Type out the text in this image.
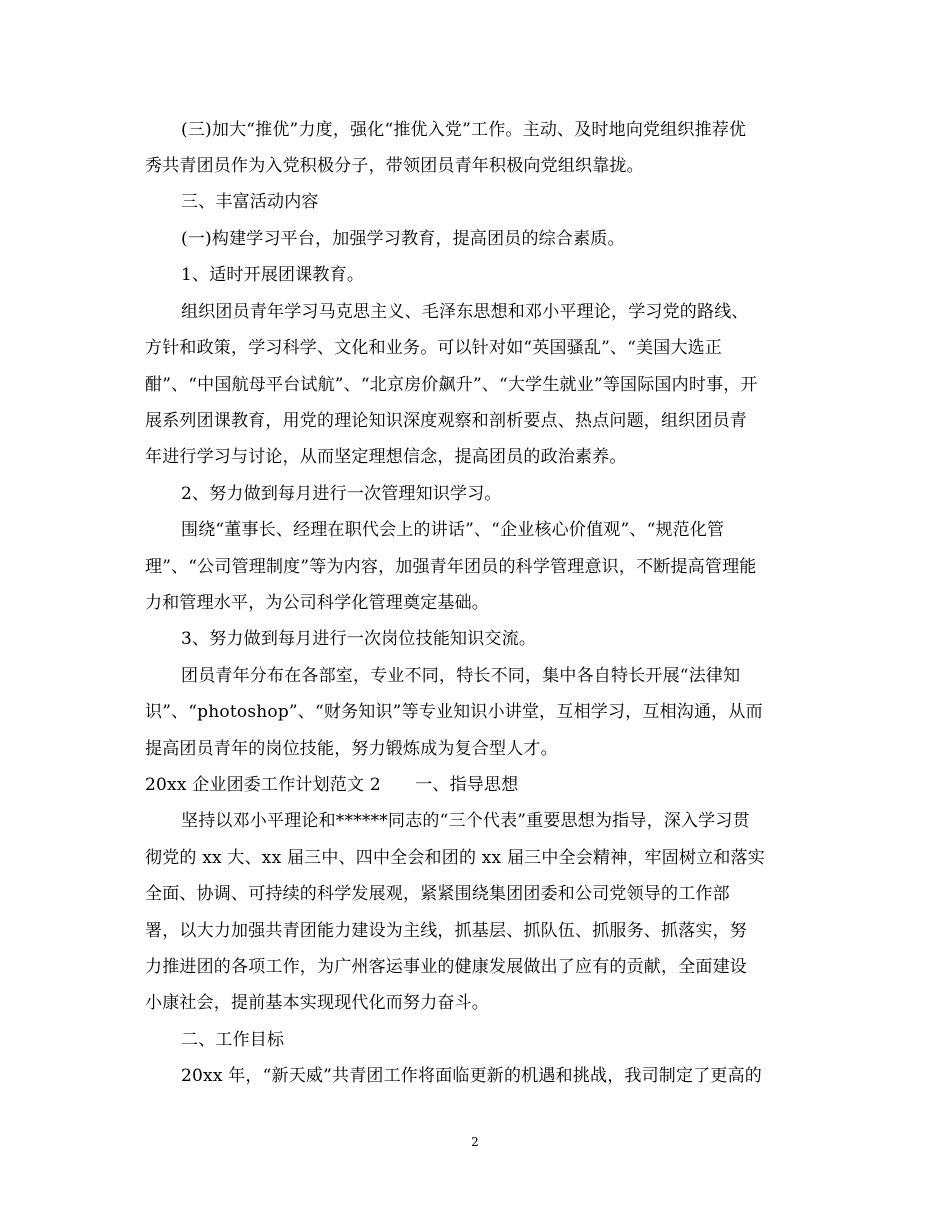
(三)加大“推优”力度，强化“推优入党”工作。主动、及时地向党组织推荐优
秀共青团员作为入党积极分子，带领团员青年积极向党组织靠拢。
三、丰富活动内容
(一)构建学习平台，加强学习教育，提高团员的综合素质。
1、适时开展团课教育。
组织团员青年学习马克思主义、毛泽东思想和邓小平理论，学习党的路线、
方针和政策，学习科学、文化和业务。可以针对如“英国骚乱”、“美国大选正
酣”、“中国航母平台试航”、“北京房价飙升”、“大学生就业”等国际国内时事，开
展系列团课教育，用党的理论知识深度观察和剖析要点、热点问题，组织团员青
年进行学习与讨论，从而坚定理想信念，提高团员的政治素养。
2、努力做到每月进行一次管理知识学习。
围绕“董事长、经理在职代会上的讲话”、“企业核心价值观”、“规范化管
理”、“公司管理制度”等为内容，加强青年团员的科学管理意识，不断提高管理能
力和管理水平，为公司科学化管理奠定基础。
3、努力做到每月进行一次岗位技能知识交流。
团员青年分布在各部室，专业不同，特长不同，集中各自特长开展“法律知
识”、“photoshop”、“财务知识”等专业知识小讲堂，互相学习，互相沟通，从而
提高团员青年的岗位技能，努力锻炼成为复合型人才。
20xx 企业团委工作计划范文 2　　一、指导思想
坚持以邓小平理论和******同志的“三个代表”重要思想为指导，深入学习贯
彻党的 xx 大、xx 届三中、四中全会和团的 xx 届三中全会精神，牢固树立和落实
全面、协调、可持续的科学发展观，紧紧围绕集团团委和公司党领导的工作部
署，以大力加强共青团能力建设为主线，抓基层、抓队伍、抓服务、抓落实，努
力推进团的各项工作，为广州客运事业的健康发展做出了应有的贡献，全面建设
小康社会，提前基本实现现代化而努力奋斗。
二、工作目标
20xx 年，“新天威”共青团工作将面临更新的机遇和挑战，我司制定了更高的
2
